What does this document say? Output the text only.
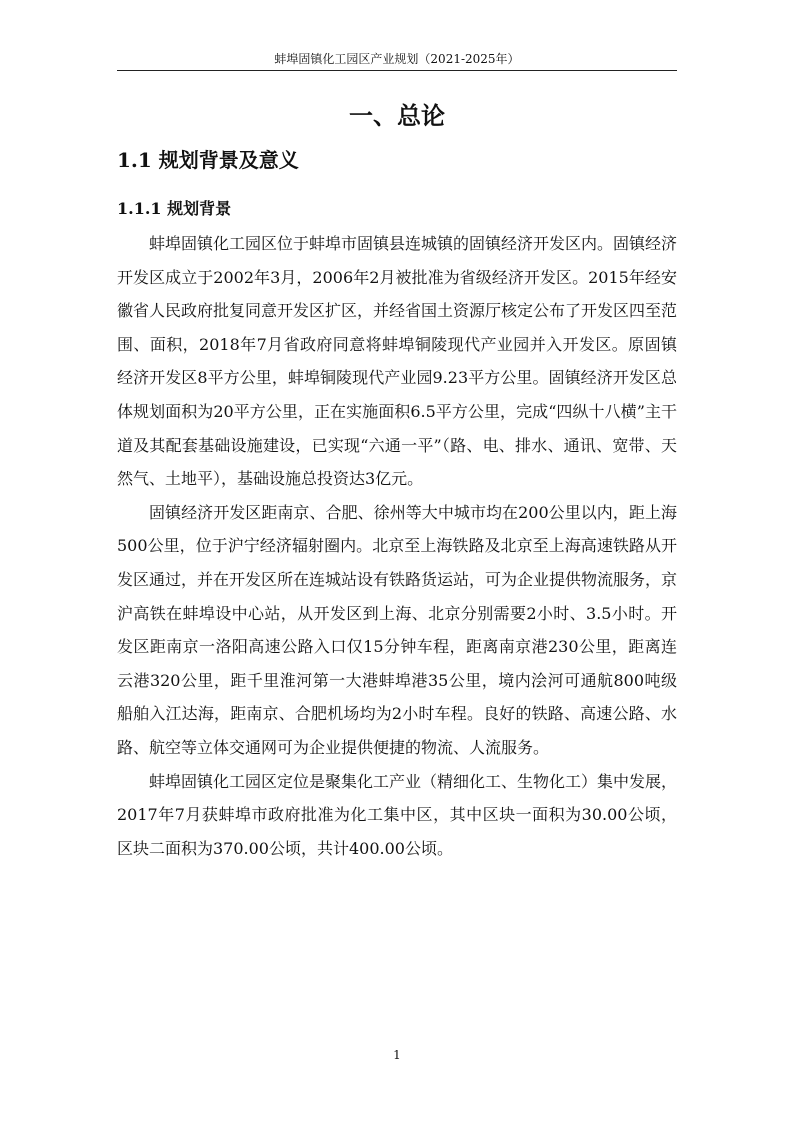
蚌埠固镇化工园区产业规划（2021-2025年）
一、总论
1.1 规划背景及意义
1.1.1 规划背景

蚌埠固镇化工园区位于蚌埠市固镇县连城镇的固镇经济开发区内。固镇经济开发区成立于2002年3月，2006年2月被批准为省级经济开发区。2015年经安徽省人民政府批复同意开发区扩区，并经省国土资源厅核定公布了开发区四至范围、面积，2018年7月省政府同意将蚌埠铜陵现代产业园并入开发区。原固镇经济开发区8平方公里，蚌埠铜陵现代产业园9.23平方公里。固镇经济开发区总体规划面积为20平方公里，正在实施面积6.5平方公里，完成“四纵十八横”主干道及其配套基础设施建设，已实现“六通一平”（路、电、排水、通讯、宽带、天然气、土地平），基础设施总投资达3亿元。

固镇经济开发区距南京、合肥、徐州等大中城市均在200公里以内，距上海500公里，位于沪宁经济辐射圈内。北京至上海铁路及北京至上海高速铁路从开发区通过，并在开发区所在连城站设有铁路货运站，可为企业提供物流服务，京沪高铁在蚌埠设中心站，从开发区到上海、北京分别需要2小时、3.5小时。开发区距南京一洛阳高速公路入口仅15分钟车程，距离南京港230公里，距离连云港320公里，距千里淮河第一大港蚌埠港35公里，境内浍河可通航800吨级船舶入江达海，距南京、合肥机场均为2小时车程。良好的铁路、高速公路、水路、航空等立体交通网可为企业提供便捷的物流、人流服务。

蚌埠固镇化工园区定位是聚集化工产业（精细化工、生物化工）集中发展，2017年7月获蚌埠市政府批准为化工集中区，其中区块一面积为30.00公顷，区块二面积为370.00公顷，共计400.00公顷。

1
